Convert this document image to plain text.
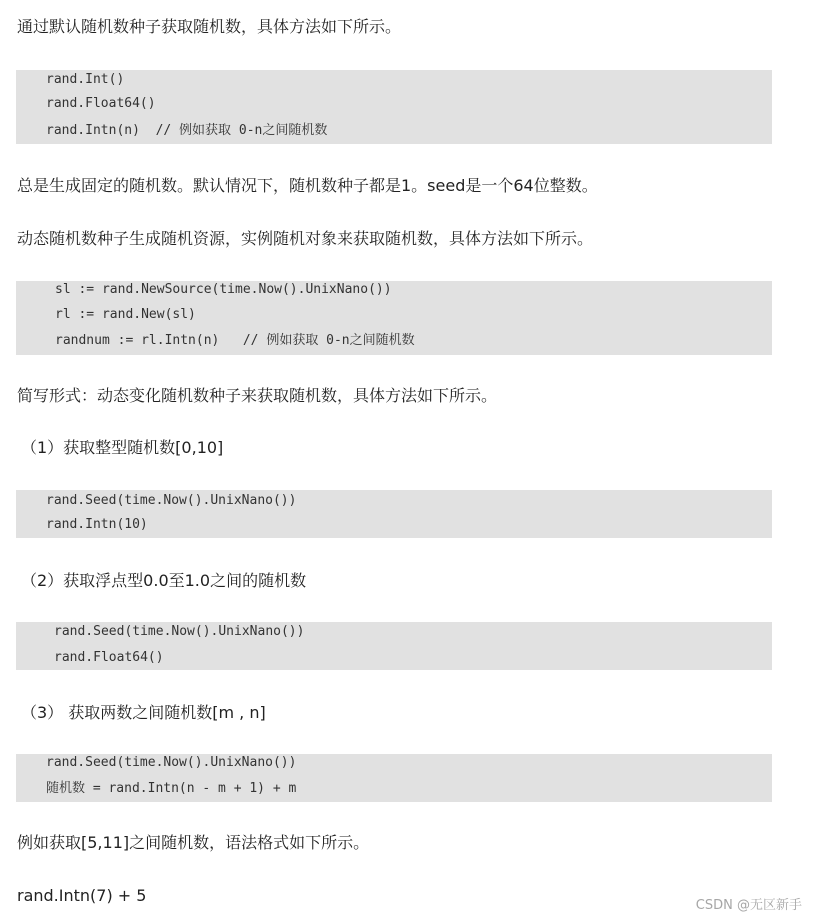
通过默认随机数种子获取随机数，具体方法如下所示。
rand.Int()
rand.Float64()
rand.Intn(n)  // 例如获取 0-n之间随机数
总是生成固定的随机数。默认情况下，随机数种子都是1。seed是一个64位整数。
动态随机数种子生成随机资源，实例随机对象来获取随机数，具体方法如下所示。
sl := rand.NewSource(time.Now().UnixNano())
rl := rand.New(sl)
randnum := rl.Intn(n)   // 例如获取 0-n之间随机数
简写形式：动态变化随机数种子来获取随机数，具体方法如下所示。
（1）获取整型随机数[0,10]
rand.Seed(time.Now().UnixNano())
rand.Intn(10)
（2）获取浮点型0.0至1.0之间的随机数
rand.Seed(time.Now().UnixNano())
rand.Float64()
（3） 获取两数之间随机数[m , n]
rand.Seed(time.Now().UnixNano())
随机数 = rand.Intn(n - m + 1) + m
例如获取[5,11]之间随机数，语法格式如下所示。
rand.Intn(7) + 5
CSDN @无区新手
